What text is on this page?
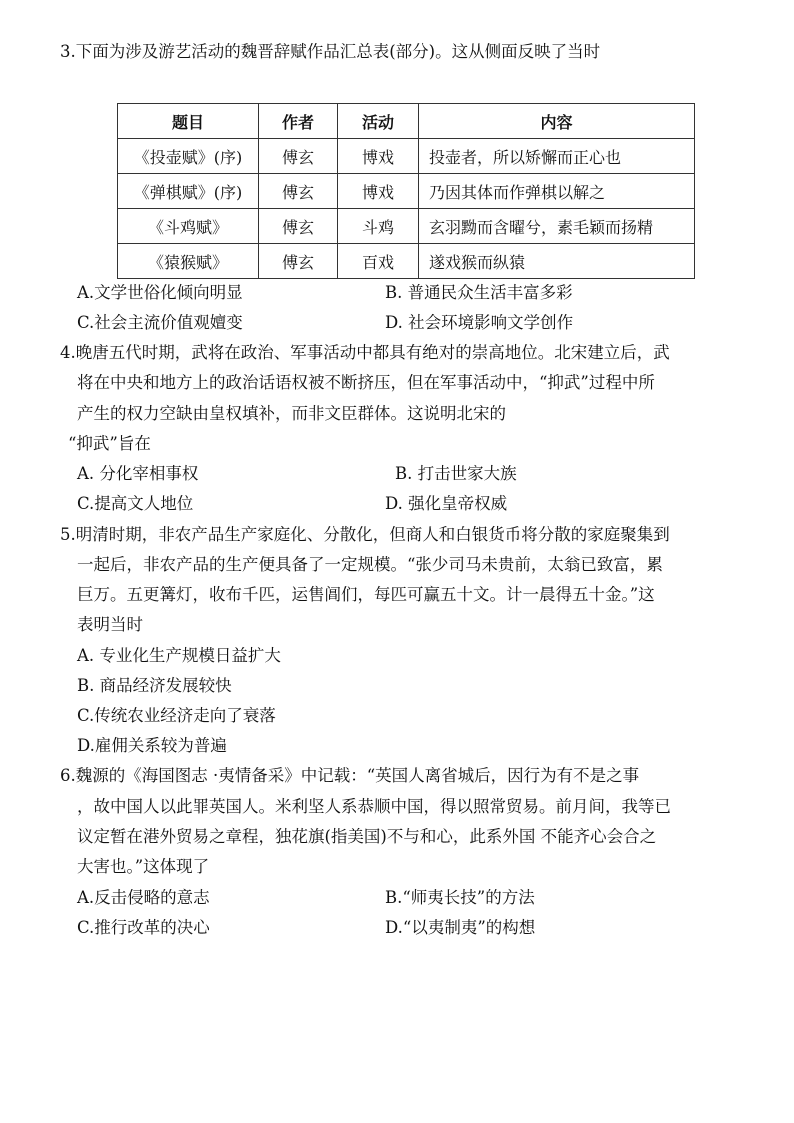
3.下面为涉及游艺活动的魏晋辞赋作品汇总表(部分)。这从侧面反映了当时
题目	作者	活动	内容
《投壶赋》(序)	傅玄	博戏	投壶者，所以矫懈而正心也
《弹棋赋》(序)	傅玄	博戏	乃因其体而作弹棋以解之
《斗鸡赋》	傅玄	斗鸡	玄羽黝而含曜兮，素毛颖而扬精
《猿猴赋》	傅玄	百戏	遂戏猴而纵猿
A.文学世俗化倾向明显	B. 普通民众生活丰富多彩
C.社会主流价值观嬗变	D. 社会环境影响文学创作
4.晚唐五代时期，武将在政治、军事活动中都具有绝对的崇高地位。北宋建立后，武
将在中央和地方上的政治话语权被不断挤压，但在军事活动中，“抑武”过程中所
产生的权力空缺由皇权填补，而非文臣群体。这说明北宋的
“抑武”旨在
A. 分化宰相事权	B. 打击世家大族
C.提高文人地位	D. 强化皇帝权威
5.明清时期，非农产品生产家庭化、分散化，但商人和白银货币将分散的家庭聚集到
一起后，非农产品的生产便具备了一定规模。“张少司马未贵前，太翁已致富，累
巨万。五更篝灯，收布千匹，运售阊们，每匹可赢五十文。计一晨得五十金。”这
表明当时
A. 专业化生产规模日益扩大
B. 商品经济发展较快
C.传统农业经济走向了衰落
D.雇佣关系较为普遍
6.魏源的《海国图志 ·夷情备采》中记载：“英国人离省城后，因行为有不是之事
，故中国人以此罪英国人。米利坚人系恭顺中国，得以照常贸易。前月间，我等已
议定暂在港外贸易之章程，独花旗(指美国)不与和心，此系外国 不能齐心会合之
大害也。”这体现了
A.反击侵略的意志	B.“师夷长技”的方法
C.推行改革的决心	D.“以夷制夷”的构想
